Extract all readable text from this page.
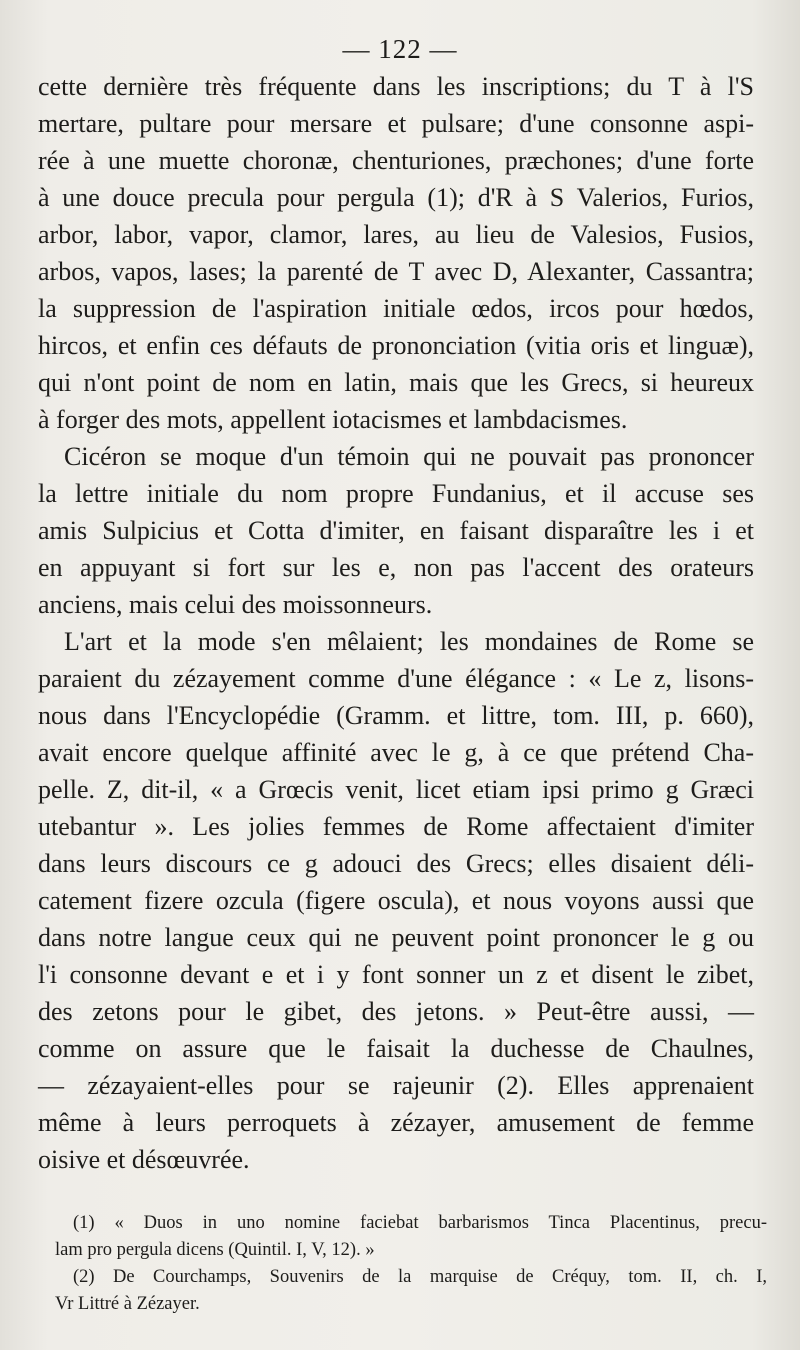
— 122 —
cette dernière très fréquente dans les inscriptions; du T à l'S
mertare, pultare pour mersare et pulsare; d'une consonne aspi-
rée à une muette choronæ, chenturiones, præchones; d'une forte
à une douce precula pour pergula (1); d'R à S Valerios, Furios,
arbor, labor, vapor, clamor, lares, au lieu de Valesios, Fusios,
arbos, vapos, lases; la parenté de T avec D, Alexanter, Cassantra;
la suppression de l'aspiration initiale œdos, ircos pour hœdos,
hircos, et enfin ces défauts de prononciation (vitia oris et linguæ),
qui n'ont point de nom en latin, mais que les Grecs, si heureux
à forger des mots, appellent iotacismes et lambdacismes.
Cicéron se moque d'un témoin qui ne pouvait pas prononcer
la lettre initiale du nom propre Fundanius, et il accuse ses
amis Sulpicius et Cotta d'imiter, en faisant disparaître les i et
en appuyant si fort sur les e, non pas l'accent des orateurs
anciens, mais celui des moissonneurs.
L'art et la mode s'en mêlaient; les mondaines de Rome se
paraient du zézayement comme d'une élégance : « Le z, lisons-
nous dans l'Encyclopédie (Gramm. et littre, tom. III, p. 660),
avait encore quelque affinité avec le g, à ce que prétend Cha-
pelle. Z, dit-il, « a Grœcis venit, licet etiam ipsi primo g Græci
utebantur ». Les jolies femmes de Rome affectaient d'imiter
dans leurs discours ce g adouci des Grecs; elles disaient déli-
catement fizere ozcula (figere oscula), et nous voyons aussi que
dans notre langue ceux qui ne peuvent point prononcer le g ou
l'i consonne devant e et i y font sonner un z et disent le zibet,
des zetons pour le gibet, des jetons. » Peut-être aussi, —
comme on assure que le faisait la duchesse de Chaulnes,
— zézayaient-elles pour se rajeunir (2). Elles apprenaient
même à leurs perroquets à zézayer, amusement de femme
oisive et désœuvrée.
(1) « Duos in uno nomine faciebat barbarismos Tinca Placentinus, precu-
lam pro pergula dicens (Quintil. I, V, 12). »
(2) De Courchamps, Souvenirs de la marquise de Créquy, tom. II, ch. I,
Vr Littré à Zézayer.
